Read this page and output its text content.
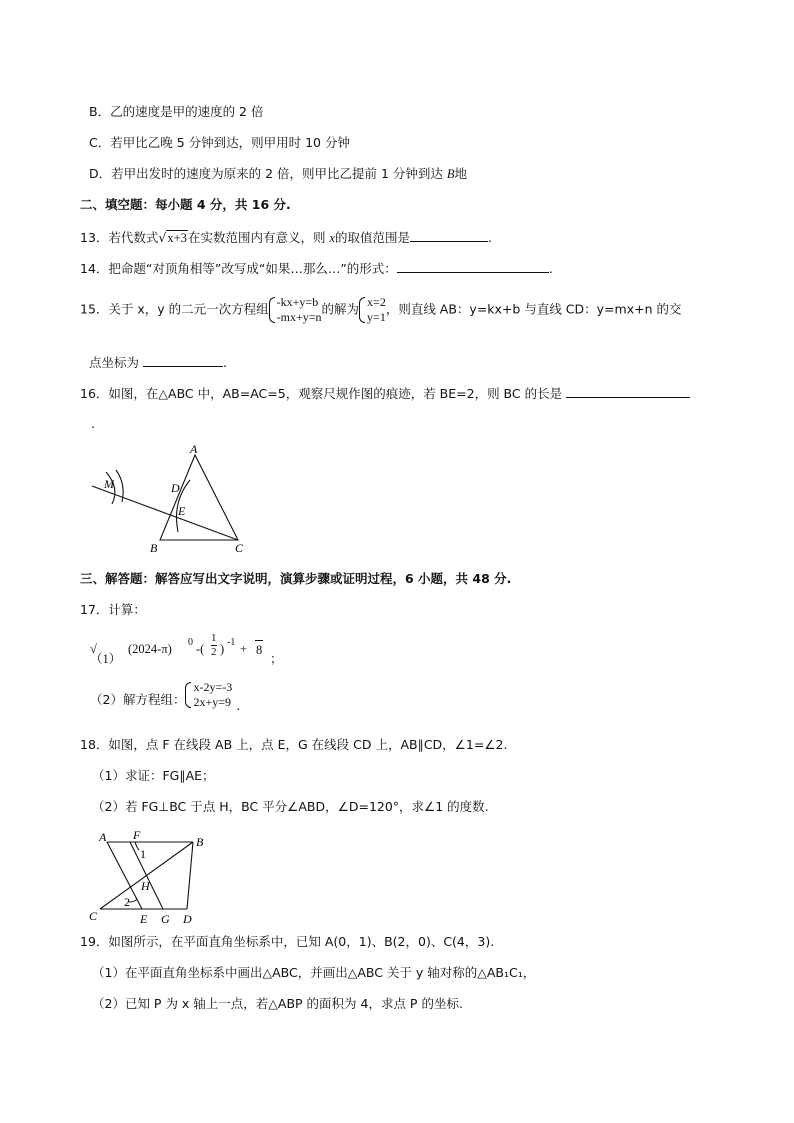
B．乙的速度是甲的速度的 2 倍
C．若甲比乙晚 5 分钟到达，则甲用时 10 分钟
D．若甲出发时的速度为原来的 2 倍，则甲比乙提前 1 分钟到达 B地
二、填空题：每小题 4 分，共 16 分.
13．若代数式√x+3在实数范围内有意义，则 x的取值范围是	.
14．把命题“对顶角相等”改写成“如果…那么…”的形式：	.
15．关于 x，y 的二元一次方程组 -kx+y=b
-mx+y=n的解为 x=2
y=1，则直线 AB：y=kx+b 与直线 CD：y=mx+n 的交
点坐标为	.
16．如图，在△ABC 中，AB=AC=5，观察尺规作图的痕迹，若 BE=2，则 BC 的长是
.
A
B	C
D
E
M
三、解答题：解答应写出文字说明，演算步骤或证明过程，6 小题，共 48 分.
17．计算：
（1）
(2024-π) 0 -(
1
2 ) -1 +
√	8
；
（2）解方程组：x-2y=-3
2x+y=9 .
18．如图，点 F 在线段 AB 上，点 E，G 在线段 CD 上，AB∥CD，∠1=∠2.
（1）求证：FG∥AE；
（2）若 FG⊥BC 于点 H，BC 平分∠ABD，∠D=120°，求∠1 的度数.
A F	B
1
H
2
C	E G D
19．如图所示，在平面直角坐标系中，已知 A(0，1)、B(2，0)、C(4，3).
（1）在平面直角坐标系中画出△ABC，并画出△ABC 关于 y 轴对称的△AB₁C₁，
（2）已知 P 为 x 轴上一点，若△ABP 的面积为 4，求点 P 的坐标.
